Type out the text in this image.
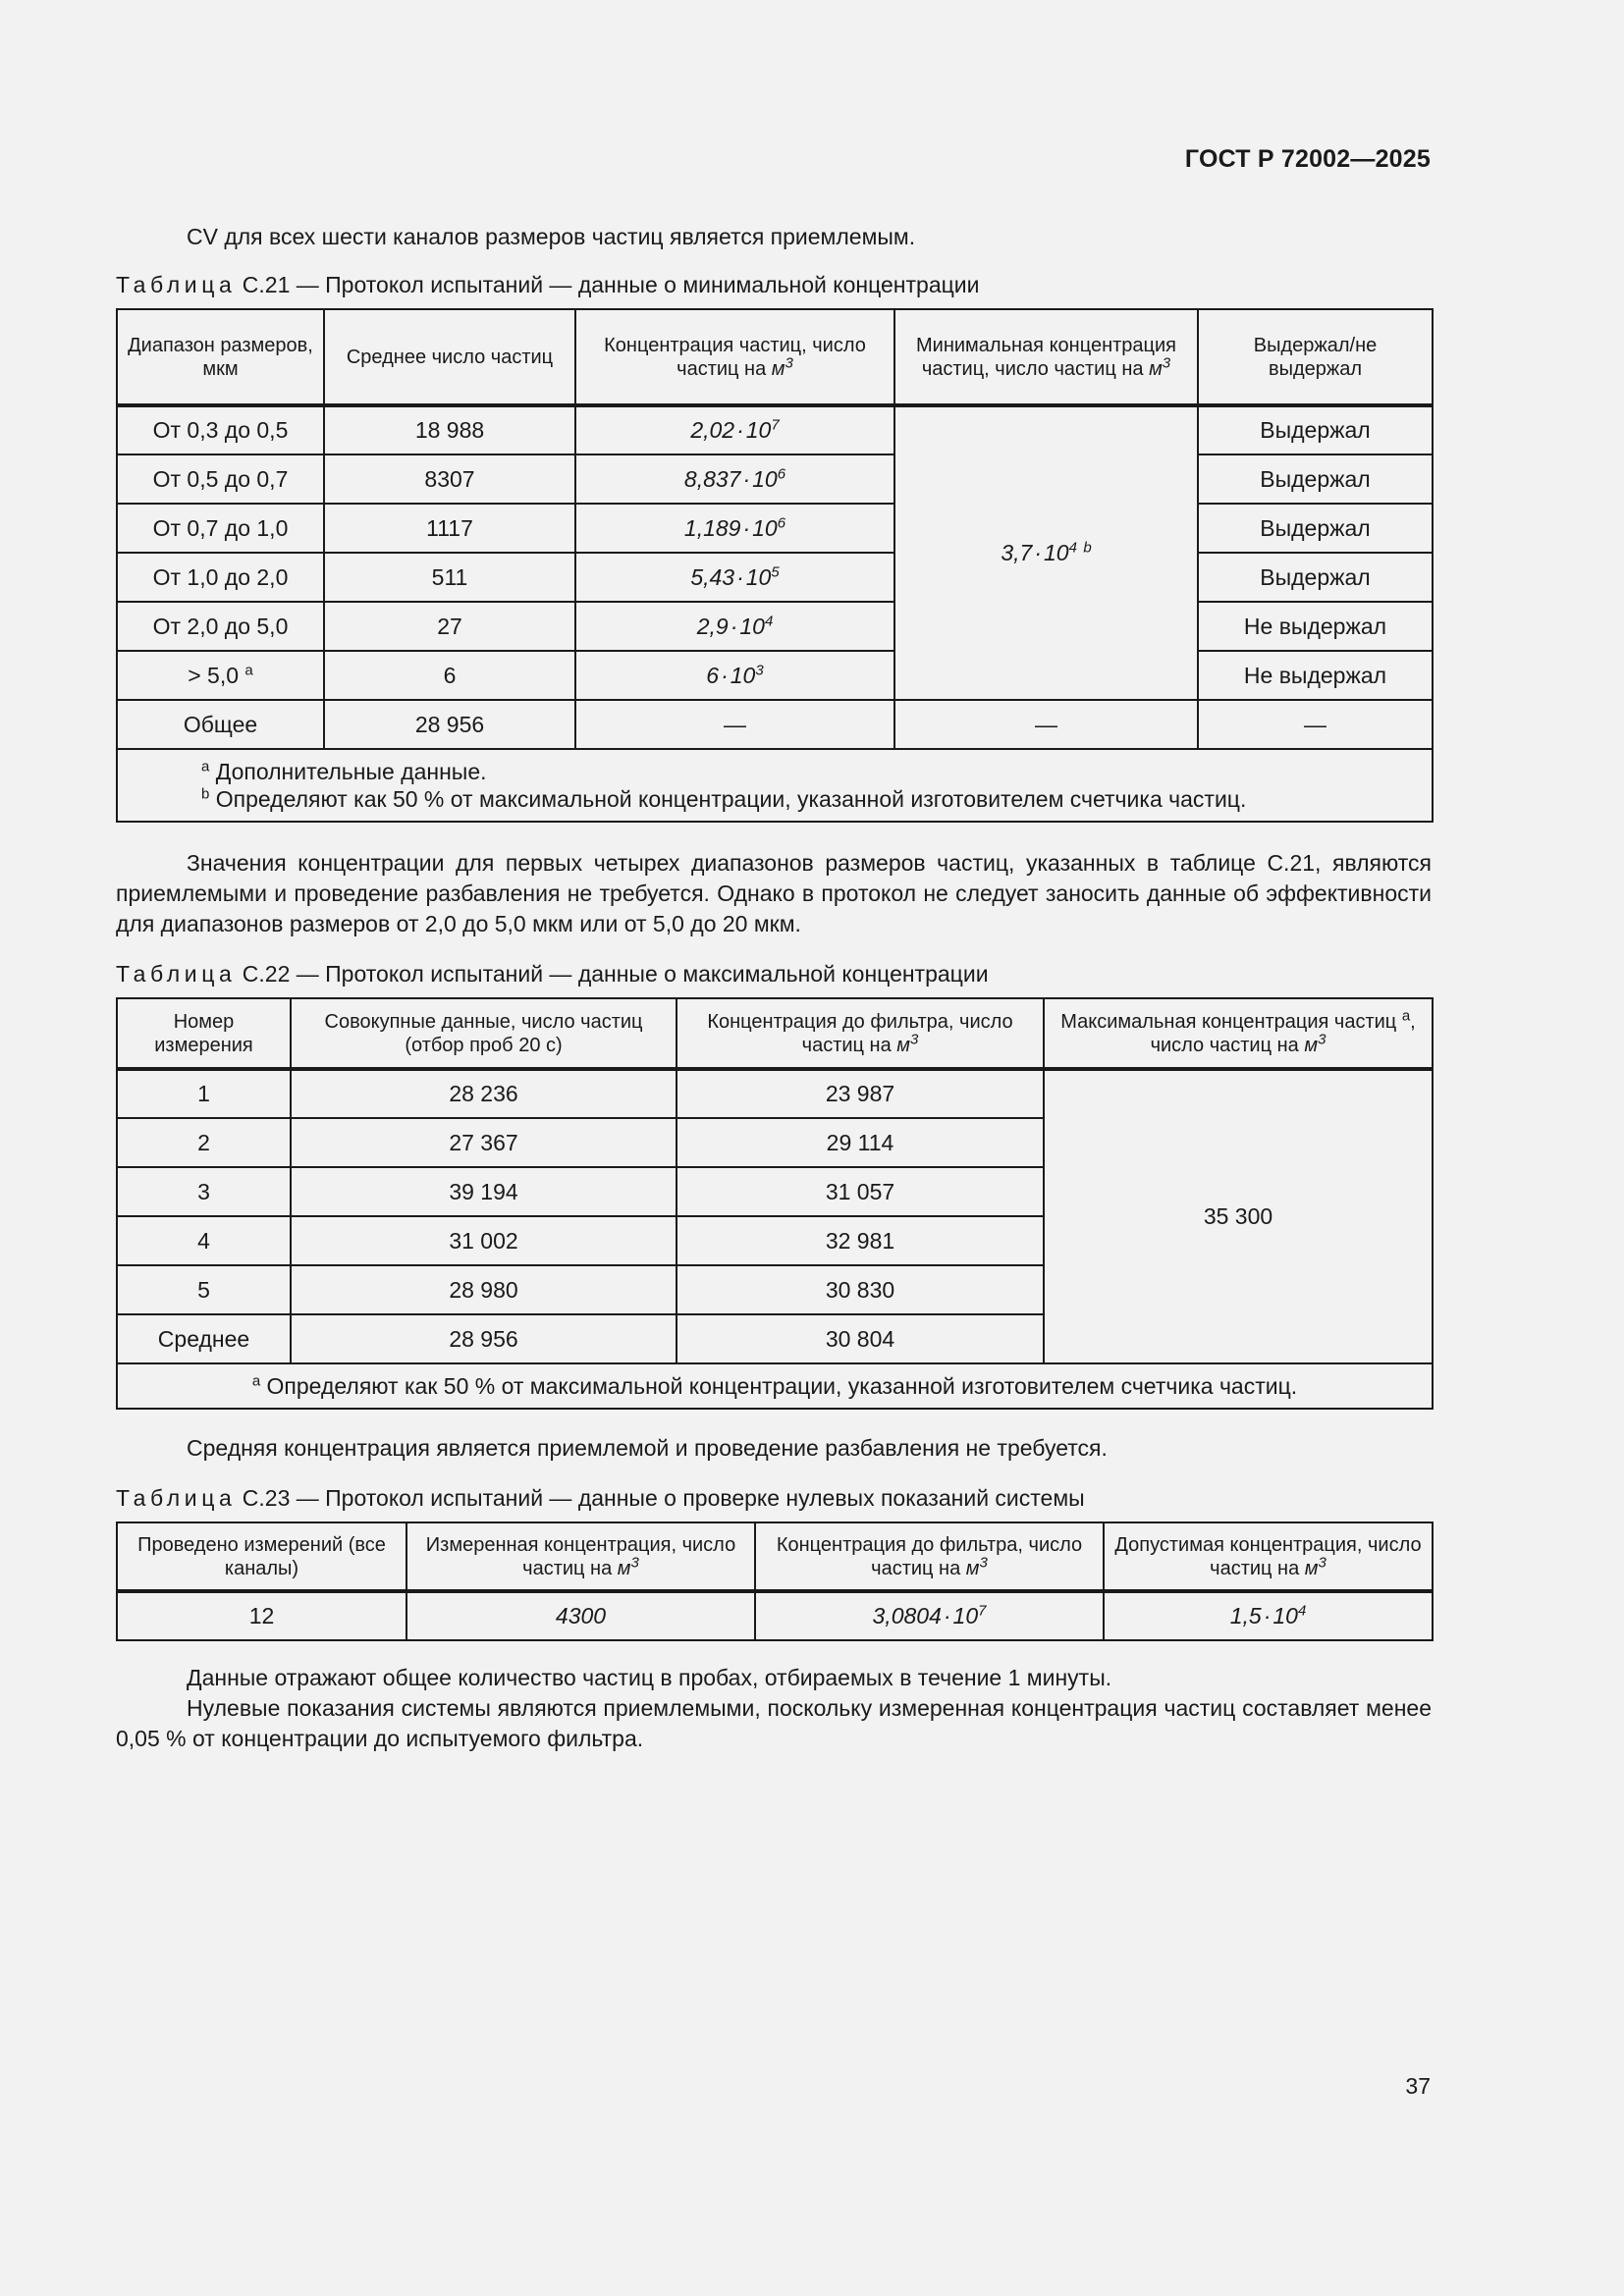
ГОСТ Р 72002—2025

CV для всех шести каналов размеров частиц является приемлемым.

Таблица С.21 — Протокол испытаний — данные о минимальной концентрации

Диапазон размеров, мкм	Среднее число частиц	Концентрация частиц, число частиц на $м^3$	Минимальная концентрация частиц, число частиц на $м^3$	Выдержал/не выдержал
От 0,3 до 0,5	18 988	$2,02\cdot 10^7$	$3,7\cdot 10^4$ $^b$	Выдержал
От 0,5 до 0,7	8307	$8,837\cdot 10^6$		Выдержал
От 0,7 до 1,0	1117	$1,189\cdot 10^6$		Выдержал
От 1,0 до 2,0	511	$5,43\cdot 10^5$		Выдержал
От 2,0 до 5,0	27	$2,9\cdot 10^4$		Не выдержал
> 5,0 $^a$	6	$6\cdot 10^3$		Не выдержал
Общее	28 956	—	—	—

$^a$ Дополнительные данные.
$^b$ Определяют как 50 % от максимальной концентрации, указанной изготовителем счетчика частиц.				

Значения концентрации для первых четырех диапазонов размеров частиц, указанных в таблице С.21, являются приемлемыми и проведение разбавления не требуется. Однако в протокол не следует заносить данные об эффективности для диапазонов размеров от 2,0 до 5,0 мкм или от 5,0 до 20 мкм.

Таблица С.22 — Протокол испытаний — данные о максимальной концентрации

Номер измерения	Совокупные данные, число частиц (отбор проб 20 с)	Концентрация до фильтра, число частиц на $м^3$	Максимальная концентрация частиц $^a$, число частиц на $м^3$
1	28 236	23 987	35 300
2	27 367	29 114	
3	39 194	31 057	
4	31 002	32 981	
5	28 980	30 830	
Среднее	28 956	30 804	
$^a$ Определяют как 50 % от максимальной концентрации, указанной изготовителем счетчика частиц.			

Средняя концентрация является приемлемой и проведение разбавления не требуется.

Таблица С.23 — Протокол испытаний — данные о проверке нулевых показаний системы

Проведено измерений (все каналы)	Измеренная концентрация, число частиц на $м^3$	Концентрация до фильтра, число частиц на $м^3$	Допустимая концентрация, число частиц на $м^3$
12	4300	$3,0804\cdot 10^7$	$1,5\cdot 10^4$

Данные отражают общее количество частиц в пробах, отбираемых в течение 1 минуты.

Нулевые показания системы являются приемлемыми, поскольку измеренная концентрация частиц составляет менее 0,05 % от концентрации до испытуемого фильтра.

37
